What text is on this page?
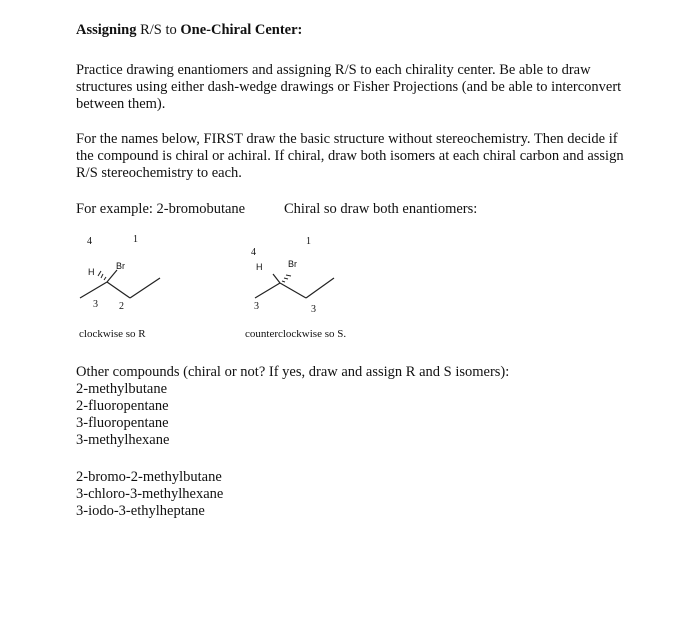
Assigning R/S to One-Chiral Center:
Practice drawing enantiomers and assigning R/S to each chirality center. Be able to draw
structures using either dash-wedge drawings or Fisher Projections (and be able to interconvert
between them).
For the names below, FIRST draw the basic structure without stereochemistry. Then decide if
the compound is chiral or achiral. If chiral, draw both isomers at each chiral carbon and assign
R/S stereochemistry to each.
For example: 2-bromobutane	Chiral so draw both enantiomers:
4	1
Br
H
3 2
clockwise so R
4
1
H	Br
3	3
counterclockwise so S.
Other compounds (chiral or not? If yes, draw and assign R and S isomers):
2-methylbutane
2-fluoropentane
3-fluoropentane
3-methylhexane
2-bromo-2-methylbutane
3-chloro-3-methylhexane
3-iodo-3-ethylheptane
